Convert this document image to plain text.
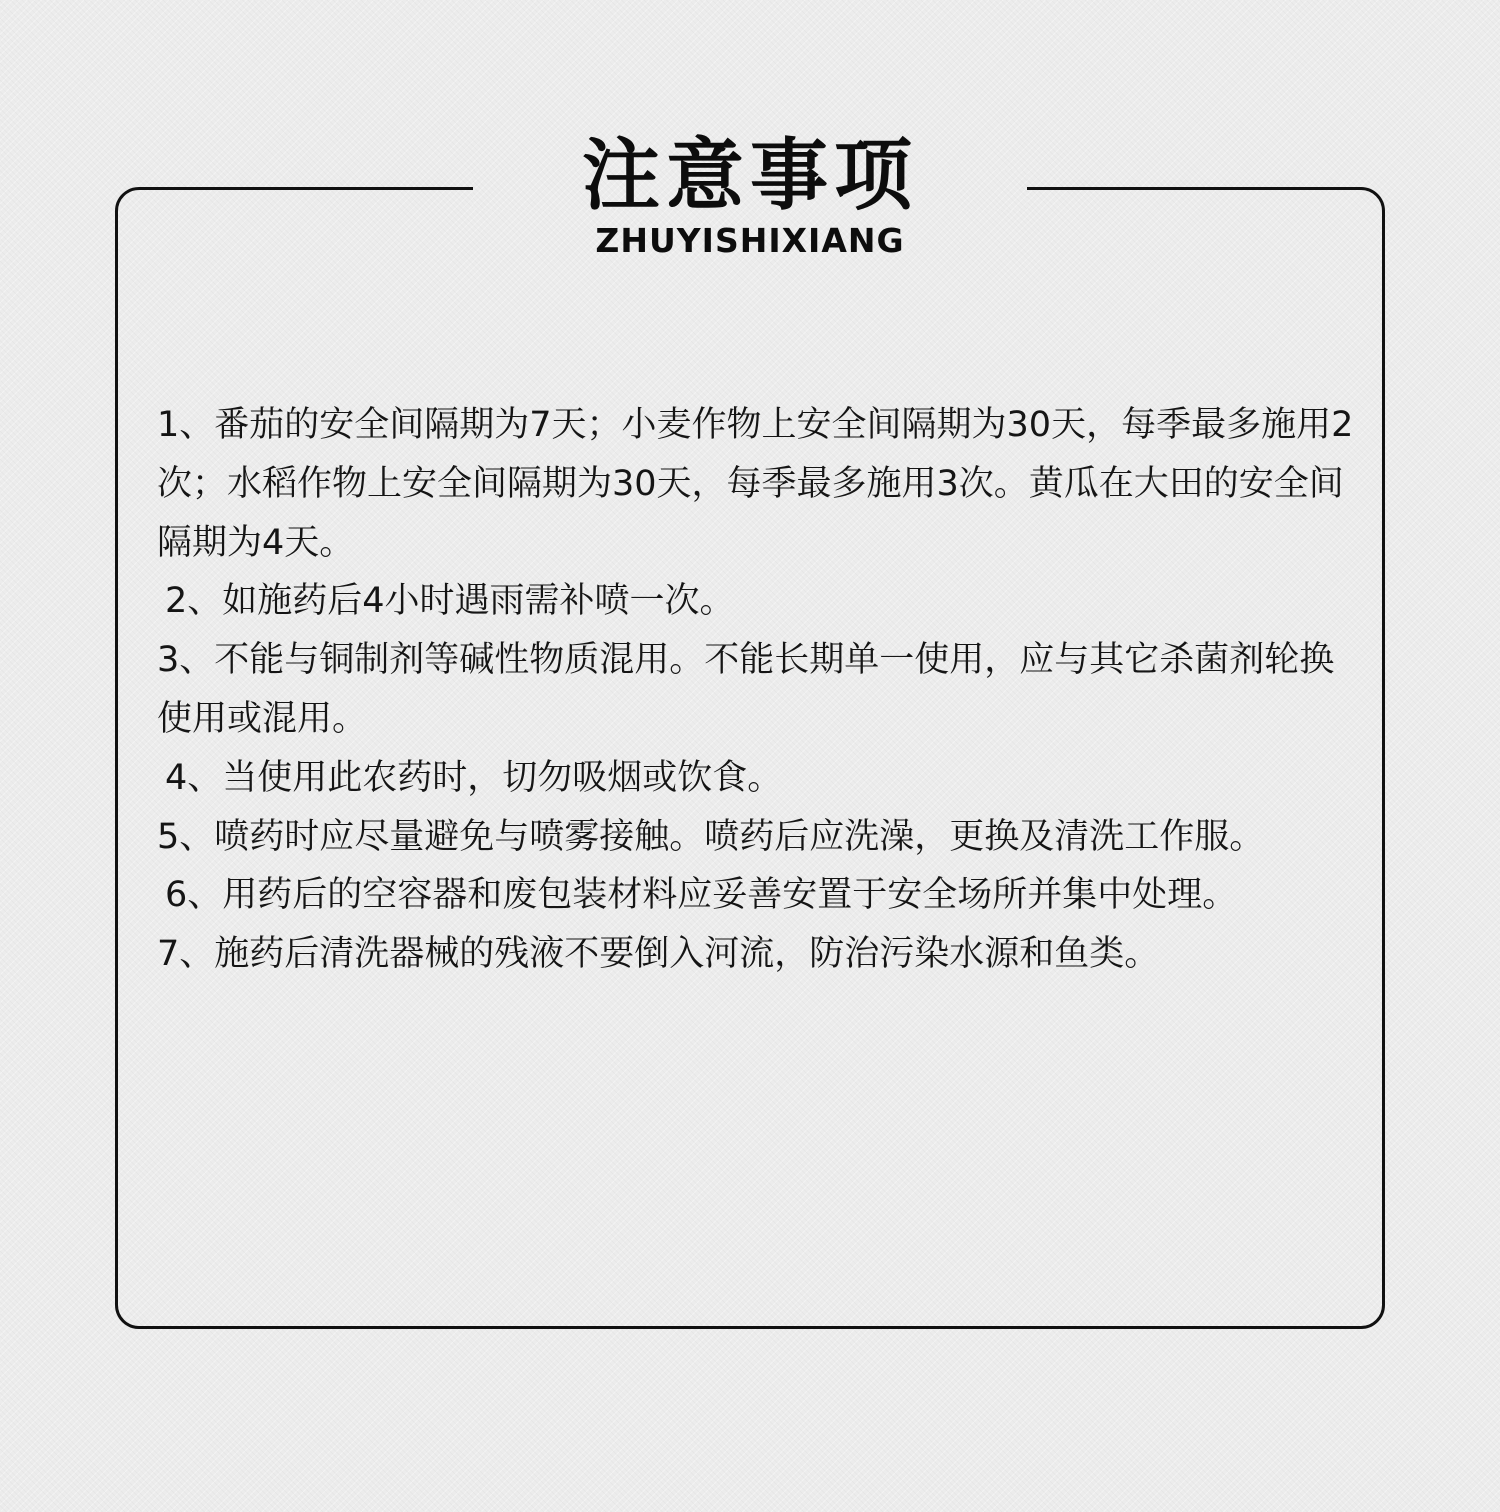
注意事项
ZHUYISHIXIANG

1、番茄的安全间隔期为7天；小麦作物上安全间隔期为30天，每季最多施用2次；水稻作物上安全间隔期为30天，每季最多施用3次。黄瓜在大田的安全间隔期为4天。

2、如施药后4小时遇雨需补喷一次。

3、不能与铜制剂等碱性物质混用。不能长期单一使用，应与其它杀菌剂轮换使用或混用。

4、当使用此农药时，切勿吸烟或饮食。

5、喷药时应尽量避免与喷雾接触。喷药后应洗澡，更换及清洗工作服。

6、用药后的空容器和废包装材料应妥善安置于安全场所并集中处理。

7、施药后清洗器械的残液不要倒入河流，防治污染水源和鱼类。
